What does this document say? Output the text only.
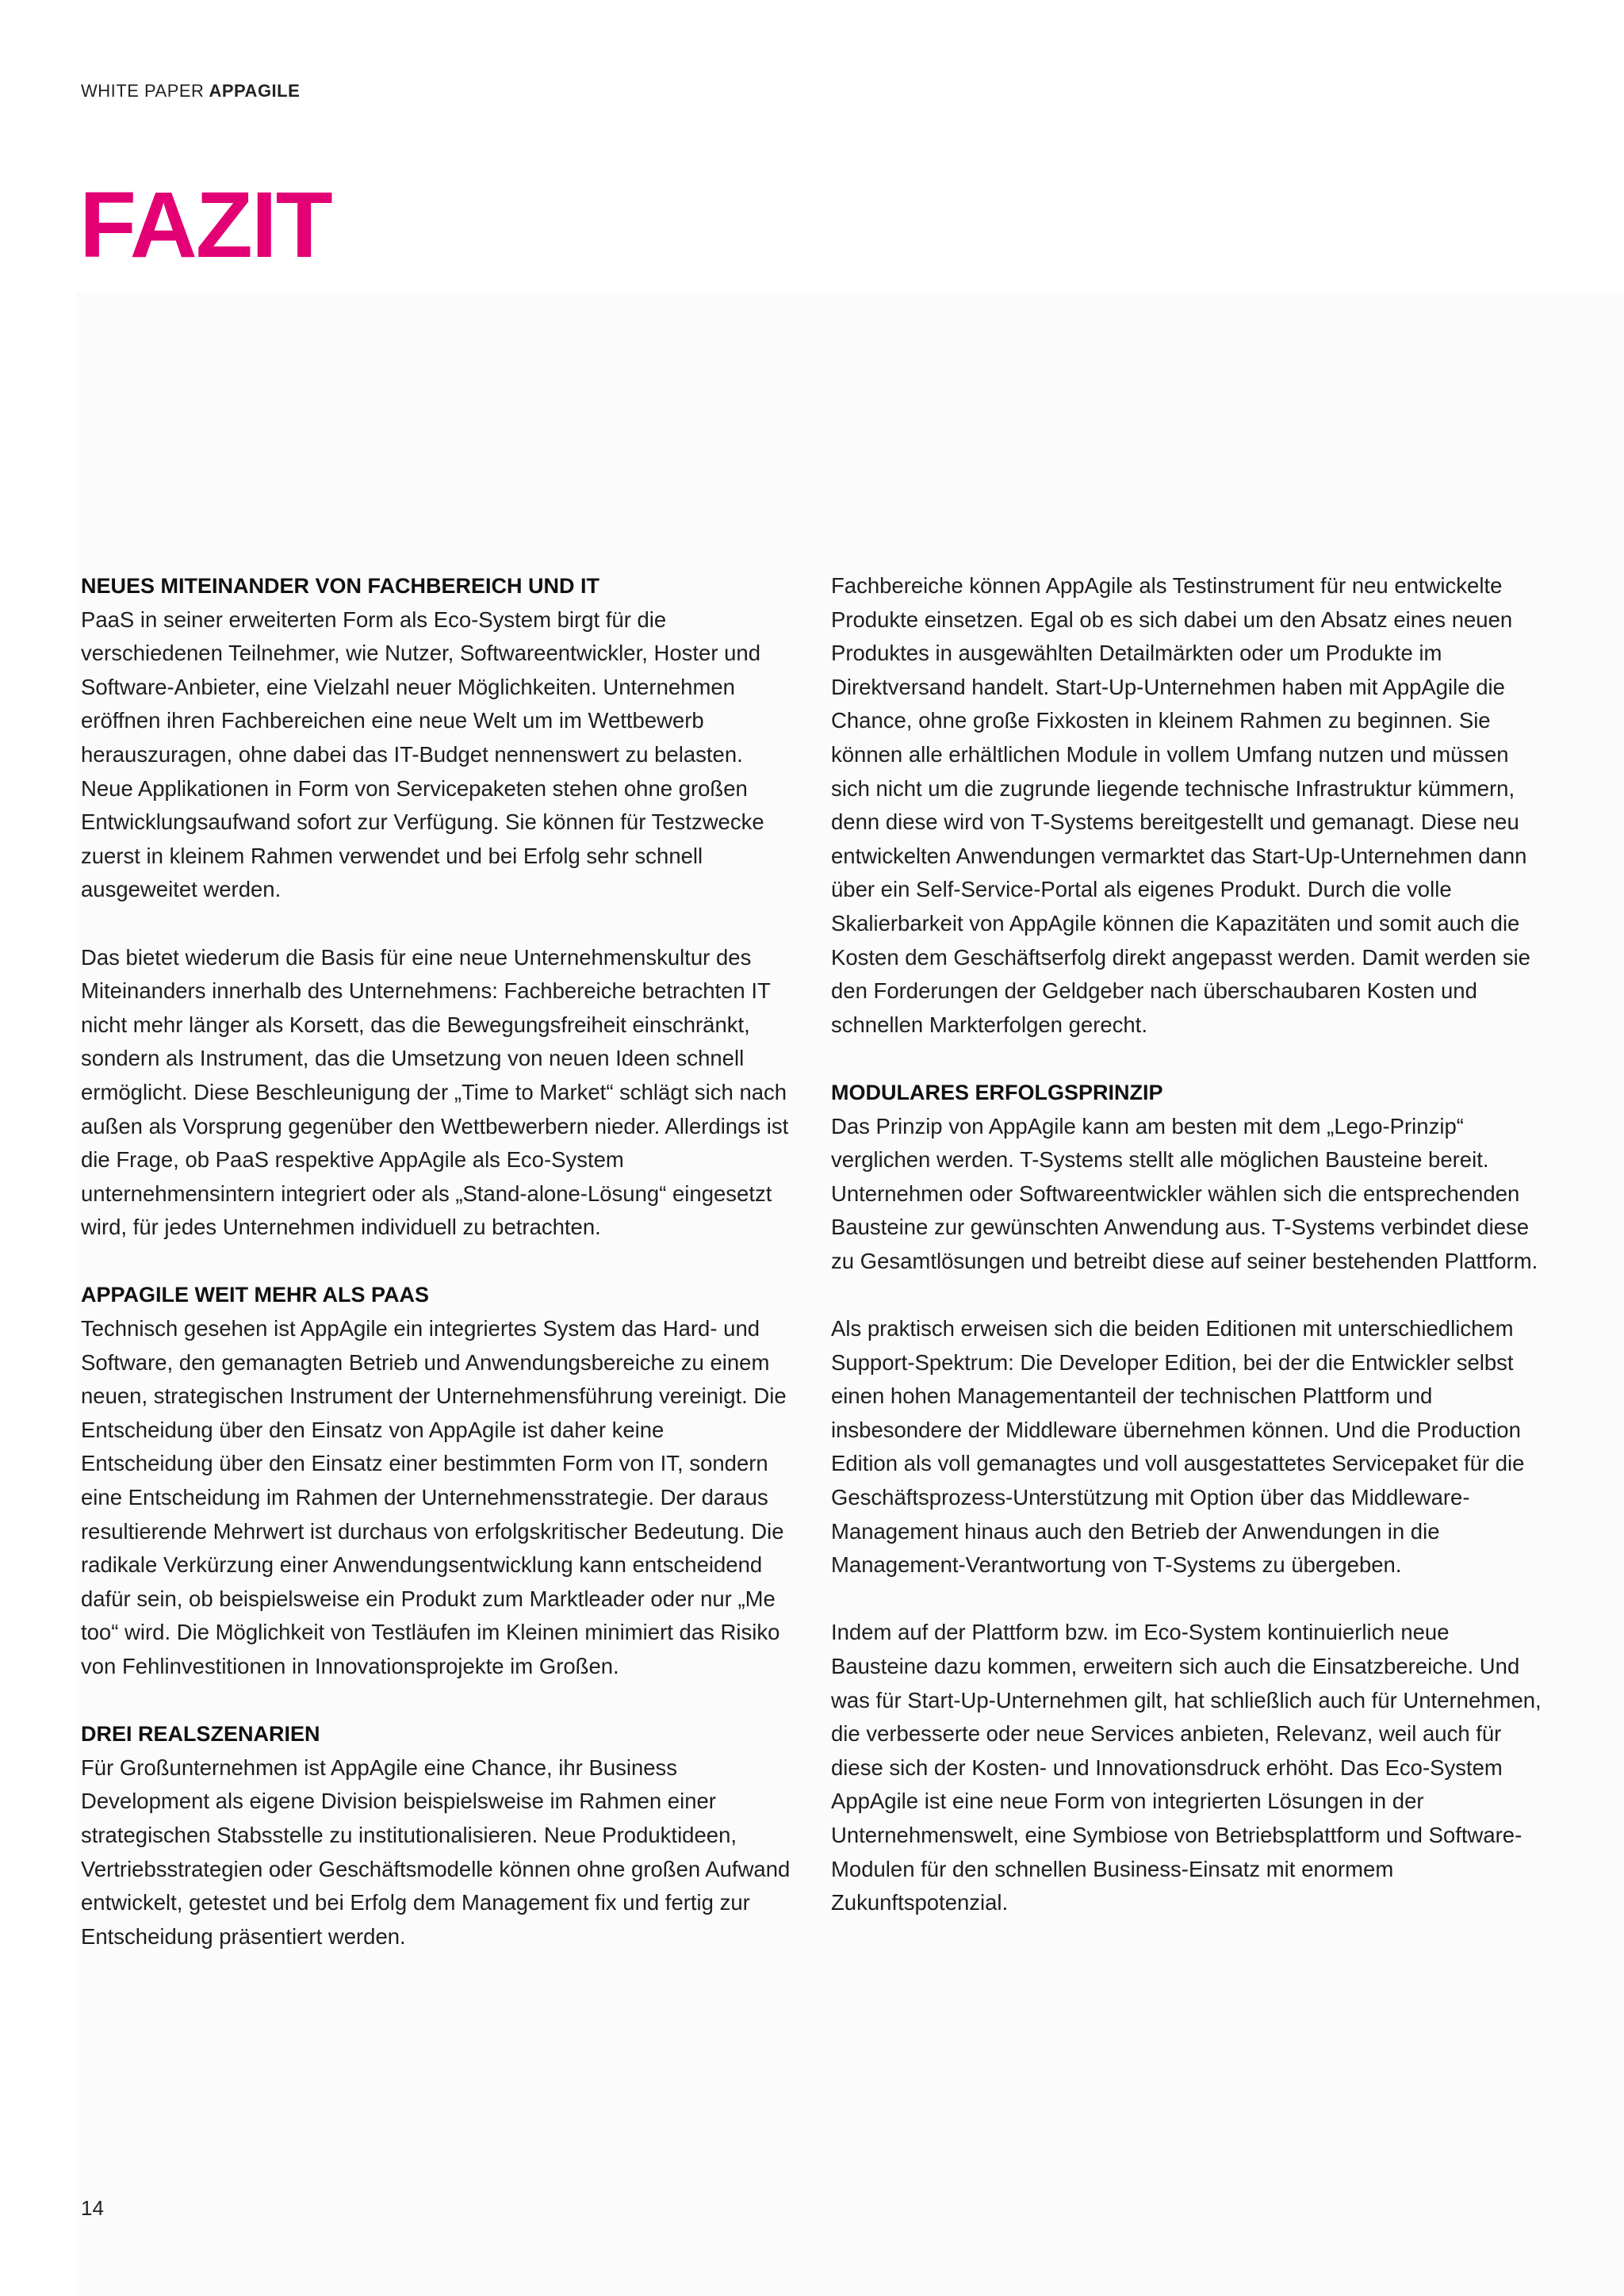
WHITE PAPER APPAGILE
FAZIT
NEUES MITEINANDER VON FACHBEREICH UND IT

PaaS in seiner erweiterten Form als Eco-System birgt für die verschiedenen Teilnehmer, wie Nutzer, Softwareentwickler, Hoster und Software-Anbieter, eine Vielzahl neuer Möglichkeiten. Unternehmen eröffnen ihren Fachbereichen eine neue Welt um im Wettbewerb herauszuragen, ohne dabei das IT-Budget nennenswert zu belasten. Neue Applikationen in Form von Servicepaketen stehen ohne großen Entwicklungsaufwand sofort zur Verfügung. Sie können für Testzwecke zuerst in kleinem Rahmen verwendet und bei Erfolg sehr schnell ausgeweitet werden.

Das bietet wiederum die Basis für eine neue Unternehmenskultur des Miteinanders innerhalb des Unternehmens: Fachbereiche betrachten IT nicht mehr länger als Korsett, das die Bewegungsfreiheit einschränkt, sondern als Instrument, das die Umsetzung von neuen Ideen schnell ermöglicht. Diese Beschleunigung der „Time to Market“ schlägt sich nach außen als Vorsprung gegenüber den Wettbewerbern nieder. Allerdings ist die Frage, ob PaaS respektive AppAgile als Eco-System unternehmensintern integriert oder als „Stand-alone-Lösung“ eingesetzt wird, für jedes Unternehmen individuell zu betrachten.

APPAGILE WEIT MEHR ALS PAAS

Technisch gesehen ist AppAgile ein integriertes System das Hard- und Software, den gemanagten Betrieb und Anwendungsbereiche zu einem neuen, strategischen Instrument der Unternehmensführung vereinigt. Die Entscheidung über den Einsatz von AppAgile ist daher keine Entscheidung über den Einsatz einer bestimmten Form von IT, sondern eine Entscheidung im Rahmen der Unternehmensstrategie. Der daraus resultierende Mehrwert ist durchaus von erfolgskritischer Bedeutung. Die radikale Verkürzung einer Anwendungsentwicklung kann entscheidend dafür sein, ob beispielsweise ein Produkt zum Marktleader oder nur „Me too“ wird. Die Möglichkeit von Testläufen im Kleinen minimiert das Risiko von Fehlinvestitionen in Innovationsprojekte im Großen.

DREI REALSZENARIEN

Für Großunternehmen ist AppAgile eine Chance, ihr Business Development als eigene Division beispielsweise im Rahmen einer strategischen Stabsstelle zu institutionalisieren. Neue Produktideen, Vertriebsstrategien oder Geschäftsmodelle können ohne großen Aufwand entwickelt, getestet und bei Erfolg dem Management fix und fertig zur Entscheidung präsentiert werden.

Fachbereiche können AppAgile als Testinstrument für neu entwickelte Produkte einsetzen. Egal ob es sich dabei um den Absatz eines neuen Produktes in ausgewählten Detailmärkten oder um Produkte im Direktversand handelt. Start-Up-Unternehmen haben mit AppAgile die Chance, ohne große Fixkosten in kleinem Rahmen zu beginnen. Sie können alle erhältlichen Module in vollem Umfang nutzen und müssen sich nicht um die zugrunde liegende technische Infrastruktur kümmern, denn diese wird von T-Systems bereitgestellt und gemanagt. Diese neu entwickelten Anwendungen vermarktet das Start-Up-Unternehmen dann über ein Self-Service-Portal als eigenes Produkt. Durch die volle Skalierbarkeit von AppAgile können die Kapazitäten und somit auch die Kosten dem Geschäftserfolg direkt angepasst werden. Damit werden sie den Forderungen der Geldgeber nach überschaubaren Kosten und schnellen Markterfolgen gerecht.

MODULARES ERFOLGSPRINZIP

Das Prinzip von AppAgile kann am besten mit dem „Lego-Prinzip“ verglichen werden. T-Systems stellt alle möglichen Bausteine bereit. Unternehmen oder Softwareentwickler wählen sich die entsprechenden Bausteine zur gewünschten Anwendung aus. T-Systems verbindet diese zu Gesamtlösungen und betreibt diese auf seiner bestehenden Plattform.

Als praktisch erweisen sich die beiden Editionen mit unterschiedlichem Support-Spektrum: Die Developer Edition, bei der die Entwickler selbst einen hohen Managementanteil der technischen Plattform und insbesondere der Middleware übernehmen können. Und die Production Edition als voll gemanagtes und voll ausgestattetes Servicepaket für die Geschäftsprozess-Unterstützung mit Option über das Middleware-Management hinaus auch den Betrieb der Anwendungen in die Management-Verantwortung von T-Systems zu übergeben.

Indem auf der Plattform bzw. im Eco-System kontinuierlich neue Bausteine dazu kommen, erweitern sich auch die Einsatzbereiche. Und was für Start-Up-Unternehmen gilt, hat schließlich auch für Unternehmen, die verbesserte oder neue Services anbieten, Relevanz, weil auch für diese sich der Kosten- und Innovationsdruck erhöht. Das Eco-System AppAgile ist eine neue Form von integrierten Lösungen in der Unternehmenswelt, eine Symbiose von Betriebsplattform und Software-Modulen für den schnellen Business-Einsatz mit enormem Zukunftspotenzial.

14
